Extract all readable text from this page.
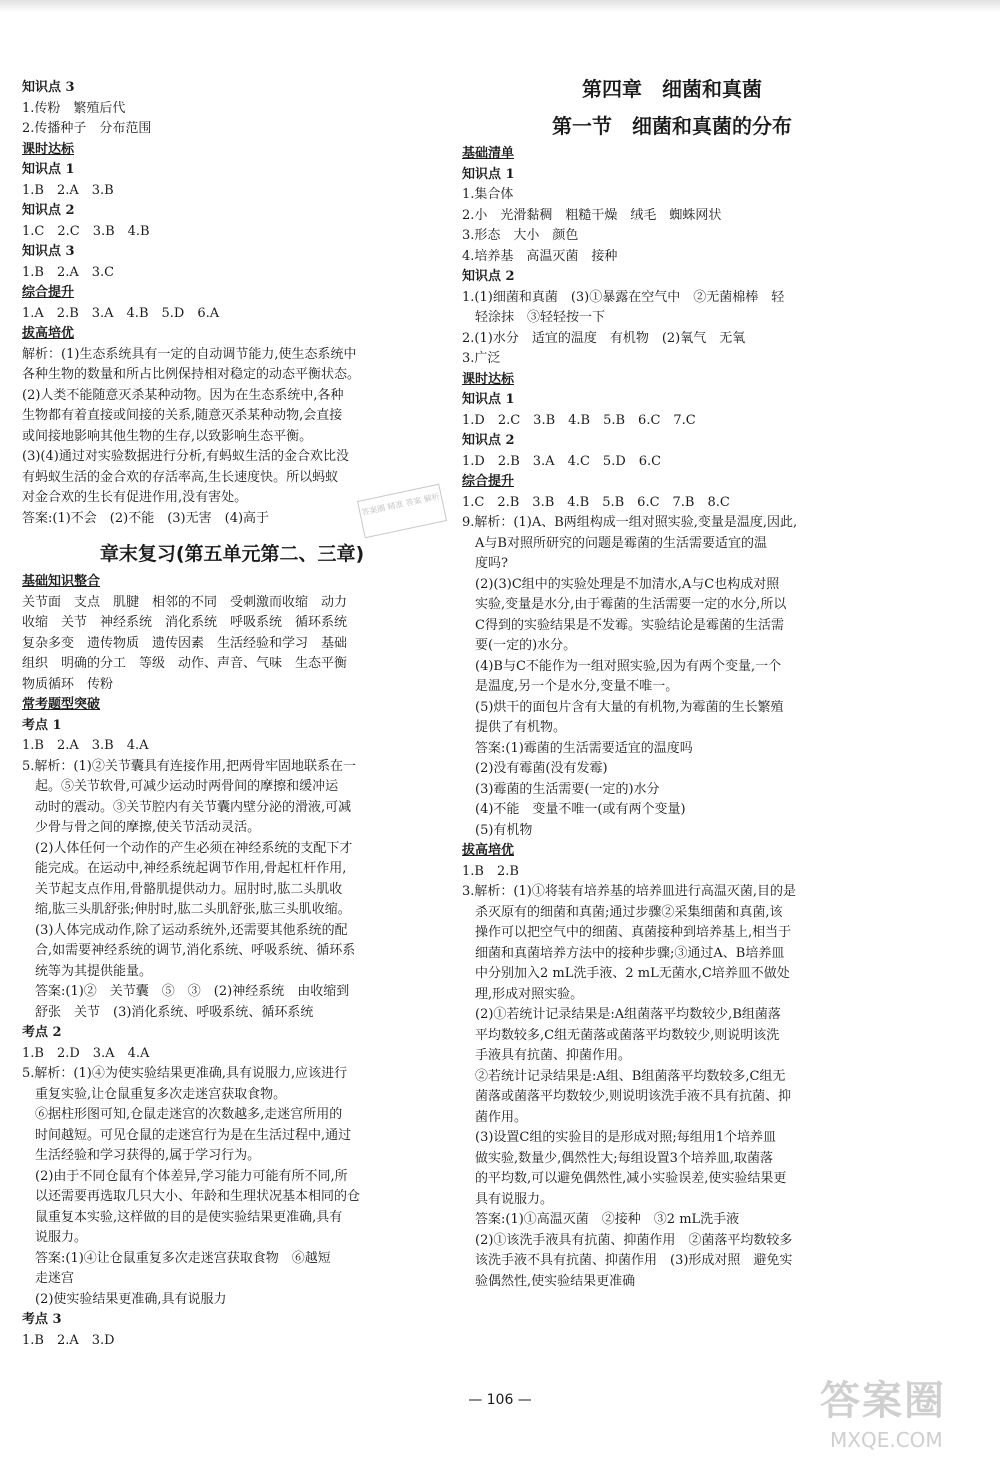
知识点 3
1.传粉　繁殖后代
2.传播种子　分布范围
课时达标
知识点 1
1.B　2.A　3.B
知识点 2
1.C　2.C　3.B　4.B
知识点 3
1.B　2.A　3.C
综合提升
1.A　2.B　3.A　4.B　5.D　6.A
拔高培优
解析：(1)生态系统具有一定的自动调节能力,使生态系统中
各种生物的数量和所占比例保持相对稳定的动态平衡状态。
(2)人类不能随意灭杀某种动物。因为在生态系统中,各种
生物都有着直接或间接的关系,随意灭杀某种动物,会直接
或间接地影响其他生物的生存,以致影响生态平衡。
(3)(4)通过对实验数据进行分析,有蚂蚁生活的金合欢比没
有蚂蚁生活的金合欢的存活率高,生长速度快。所以蚂蚁
对金合欢的生长有促进作用,没有害处。
答案:(1)不会　(2)不能　(3)无害　(4)高于
章末复习(第五单元第二、三章)
基础知识整合
关节面　支点　肌腱　相邻的不同　受刺激而收缩　动力
收缩　关节　神经系统　消化系统　呼吸系统　循环系统
复杂多变　遗传物质　遗传因素　生活经验和学习　基础
组织　明确的分工　等级　动作、声音、气味　生态平衡
物质循环　传粉
常考题型突破
考点 1
1.B　2.A　3.B　4.A
5.解析：(1)②关节囊具有连接作用,把两骨牢固地联系在一
　起。⑤关节软骨,可减少运动时两骨间的摩擦和缓冲运
　动时的震动。③关节腔内有关节囊内壁分泌的滑液,可减
　少骨与骨之间的摩擦,使关节活动灵活。
　(2)人体任何一个动作的产生必须在神经系统的支配下才
　能完成。在运动中,神经系统起调节作用,骨起杠杆作用,
　关节起支点作用,骨骼肌提供动力。屈肘时,肱二头肌收
　缩,肱三头肌舒张;伸肘时,肱二头肌舒张,肱三头肌收缩。
　(3)人体完成动作,除了运动系统外,还需要其他系统的配
　合,如需要神经系统的调节,消化系统、呼吸系统、循环系
　统等为其提供能量。
　答案:(1)②　关节囊　⑤　③　(2)神经系统　由收缩到
　舒张　关节　(3)消化系统、呼吸系统、循环系统
考点 2
1.B　2.D　3.A　4.A
5.解析：(1)④为使实验结果更准确,具有说服力,应该进行
　重复实验,让仓鼠重复多次走迷宫获取食物。
　⑥据柱形图可知,仓鼠走迷宫的次数越多,走迷宫所用的
　时间越短。可见仓鼠的走迷宫行为是在生活过程中,通过
　生活经验和学习获得的,属于学习行为。
　(2)由于不同仓鼠有个体差异,学习能力可能有所不同,所
　以还需要再选取几只大小、年龄和生理状况基本相同的仓
　鼠重复本实验,这样做的目的是使实验结果更准确,具有
　说服力。
　答案:(1)④让仓鼠重复多次走迷宫获取食物　⑥越短
　走迷宫
　(2)使实验结果更准确,具有说服力
考点 3
1.B　2.A　3.D
第四章　细菌和真菌
第一节　细菌和真菌的分布
基础清单
知识点 1
1.集合体
2.小　光滑黏稠　粗糙干燥　绒毛　蜘蛛网状
3.形态　大小　颜色
4.培养基　高温灭菌　接种
知识点 2
1.(1)细菌和真菌　(3)①暴露在空气中　②无菌棉棒　轻
　轻涂抹　③轻轻按一下
2.(1)水分　适宜的温度　有机物　(2)氧气　无氧
3.广泛
课时达标
知识点 1
1.D　2.C　3.B　4.B　5.B　6.C　7.C
知识点 2
1.D　2.B　3.A　4.C　5.D　6.C
综合提升
1.C　2.B　3.B　4.B　5.B　6.C　7.B　8.C
9.解析：(1)A、B两组构成一组对照实验,变量是温度,因此,
　A与B对照所研究的问题是霉菌的生活需要适宜的温
　度吗?
　(2)(3)C组中的实验处理是不加清水,A与C也构成对照
　实验,变量是水分,由于霉菌的生活需要一定的水分,所以
　C得到的实验结果是不发霉。实验结论是霉菌的生活需
　要(一定的)水分。
　(4)B与C不能作为一组对照实验,因为有两个变量,一个
　是温度,另一个是水分,变量不唯一。
　(5)烘干的面包片含有大量的有机物,为霉菌的生长繁殖
　提供了有机物。
　答案:(1)霉菌的生活需要适宜的温度吗
　(2)没有霉菌(没有发霉)
　(3)霉菌的生活需要(一定的)水分
　(4)不能　变量不唯一(或有两个变量)
　(5)有机物
拔高培优
1.B　2.B
3.解析：(1)①将装有培养基的培养皿进行高温灭菌,目的是
　杀灭原有的细菌和真菌;通过步骤②采集细菌和真菌,该
　操作可以把空气中的细菌、真菌接种到培养基上,相当于
　细菌和真菌培养方法中的接种步骤;③通过A、B培养皿
　中分别加入2 mL洗手液、2 mL无菌水,C培养皿不做处
　理,形成对照实验。
　(2)①若统计记录结果是:A组菌落平均数较少,B组菌落
　平均数较多,C组无菌落或菌落平均数较少,则说明该洗
　手液具有抗菌、抑菌作用。
　②若统计记录结果是:A组、B组菌落平均数较多,C组无
　菌落或菌落平均数较少,则说明该洗手液不具有抗菌、抑
　菌作用。
　(3)设置C组的实验目的是形成对照;每组用1个培养皿
　做实验,数量少,偶然性大;每组设置3个培养皿,取菌落
　的平均数,可以避免偶然性,减小实验误差,使实验结果更
　具有说服力。
　答案:(1)①高温灭菌　②接种　③2 mL洗手液
　(2)①该洗手液具有抗菌、抑菌作用　②菌落平均数较多
　该洗手液不具有抗菌、抑菌作用　(3)形成对照　避免实
　验偶然性,使实验结果更准确
答案圈 精准 答案 解析
— 106 —	答案圈
MXQE.COM
